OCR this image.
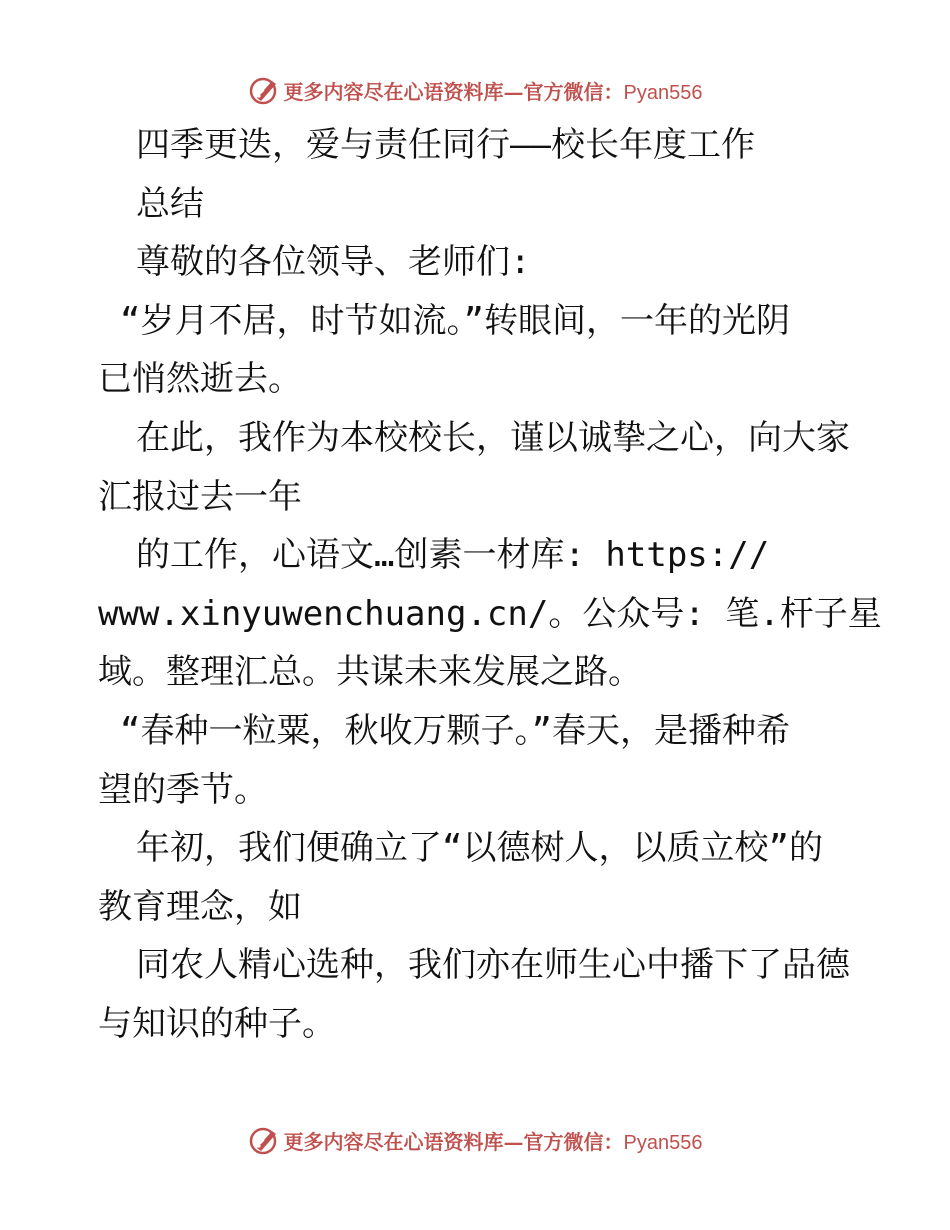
更多内容尽在心语资料库—官方微信：Pyan556
四季更迭，爱与责任同行——校长年度工作
总结
尊敬的各位领导、老师们:
“岁月不居，时节如流。”转眼间，一年的光阴
已悄然逝去。
在此，我作为本校校长，谨以诚挚之心，向大家
汇报过去一年
的工作，心语文…创素一材库: https://
www.xinyuwenchuang.cn/。公众号: 笔.杆子星
域。整理汇总。共谋未来发展之路。
“春种一粒粟，秋收万颗子。”春天，是播种希
望的季节。
年初，我们便确立了“以德树人，以质立校”的
教育理念，如
同农人精心选种，我们亦在师生心中播下了品德
与知识的种子。
更多内容尽在心语资料库—官方微信：Pyan556
